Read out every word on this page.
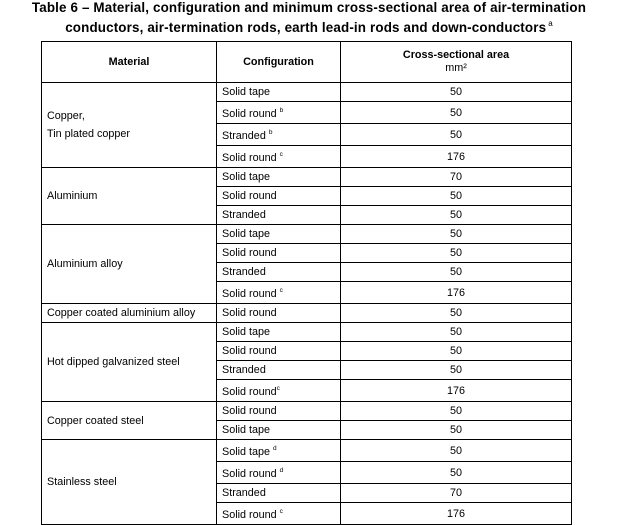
Table 6 – Material, configuration and minimum cross-sectional area of air-termination
conductors, air-termination rods, earth lead-in rods and down-conductors $^a$
Material	Configuration	Cross-sectional area
mm²

Copper,
Tin plated copper	Solid tape	50
	Solid round $^b$	50
	Stranded $^b$	50
	Solid round $^c$	176

Aluminium	Solid tape	70
	Solid round	50
	Stranded	50

Aluminium alloy	Solid tape	50
	Solid round	50
	Stranded	50
	Solid round $^c$	176

Copper coated aluminium alloy	Solid round	50

Hot dipped galvanized steel	Solid tape	50
	Solid round	50
	Stranded	50
	Solid round$^c$	176

Copper coated steel	Solid round	50
	Solid tape	50

Stainless steel	Solid tape $^d$	50
	Solid round $^d$	50
	Stranded	70
	Solid round $^c$	176
